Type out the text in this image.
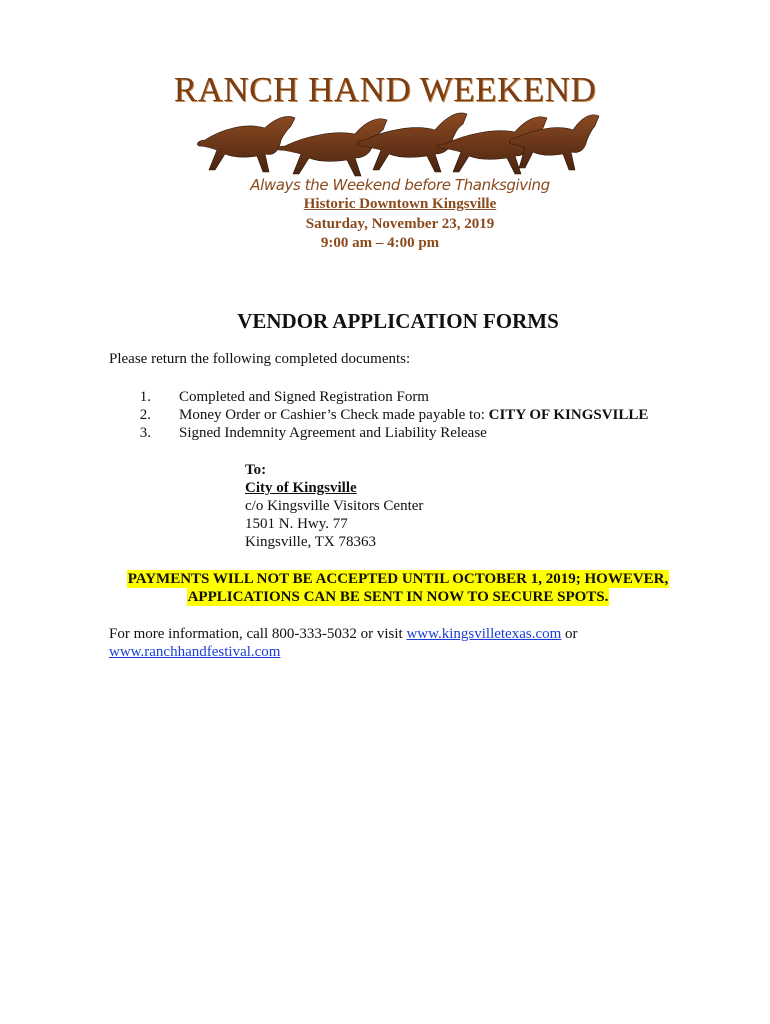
RANCH HAND WEEKEND
Always the Weekend before Thanksgiving
Historic Downtown Kingsville
Saturday, November 23, 2019
9:00 am – 4:00 pm
VENDOR APPLICATION FORMS
Please return the following completed documents:
1. Completed and Signed Registration Form
2. Money Order or Cashier’s Check made payable to: CITY OF KINGSVILLE
3. Signed Indemnity Agreement and Liability Release
To:
City of Kingsville
c/o Kingsville Visitors Center
1501 N. Hwy. 77
Kingsville, TX 78363
PAYMENTS WILL NOT BE ACCEPTED UNTIL OCTOBER 1, 2019; HOWEVER,
APPLICATIONS CAN BE SENT IN NOW TO SECURE SPOTS.
For more information, call 800-333-5032 or visit www.kingsvilletexas.com or
www.ranchhandfestival.com
